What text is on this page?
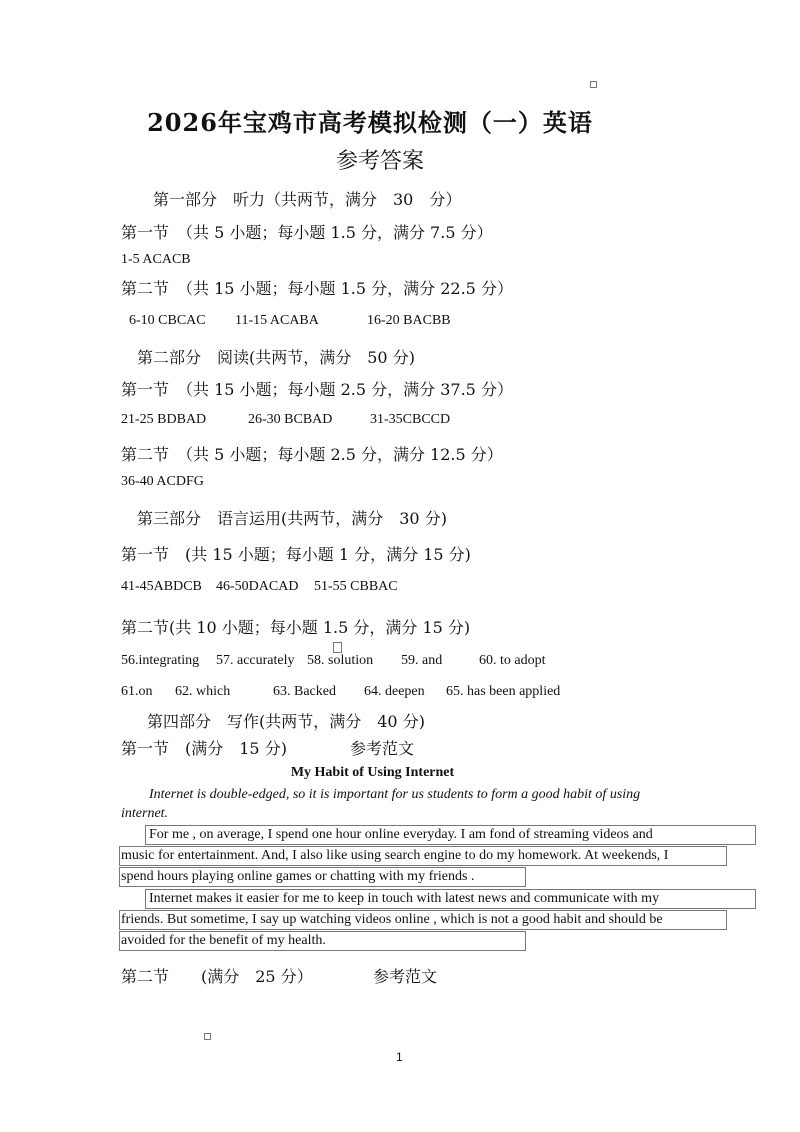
2026年宝鸡市高考模拟检测（一）英语
参考答案
第一部分　听力（共两节，满分　30　分）
第一节　（共 5 小题；每小题 1.5 分，满分 7.5 分）
1-5 ACACB
第二节　（共 15 小题；每小题 1.5 分，满分 22.5 分）
6-10 CBCAC 11-15 ACABA	16-20 BACBB
第二部分　阅读(共两节，满分　50 分)
第一节　（共 15 小题；每小题 2.5 分，满分 37.5 分）
21-25 BDBAD	26-30 BCBAD	31-35CBCCD
第二节　（共 5 小题；每小题 2.5 分，满分 12.5 分）
36-40 ACDFG
第三部分　语言运用(共两节，满分　30 分)
第一节　(共 15 小题；每小题 1 分，满分 15 分)
41-45ABDCB 46-50DACAD 51-55 CBBAC
第二节(共 10 小题；每小题 1.5 分，满分 15 分)
56.integrating 57. accurately 58. solution 59. and	60. to adopt
61.on 62. which	63. Backed 64. deepen 65. has been applied
第四部分　写作(共两节，满分　40 分)
第一节　(满分　15 分)	参考范文
My Habit of Using Internet
Internet is double-edged, so it is important for us students to form a good habit of using
internet.
For me , on average, I spend one hour online everyday. I am fond of streaming videos and
music for entertainment. And, I also like using search engine to do my homework. At weekends, I
spend hours playing online games or chatting with my friends .
Internet makes it easier for me to keep in touch with latest news and communicate with my
friends. But sometime, I say up watching videos online , which is not a good habit and should be
avoided for the benefit of my health.
第二节　　(满分　25 分）	参考范文
1
